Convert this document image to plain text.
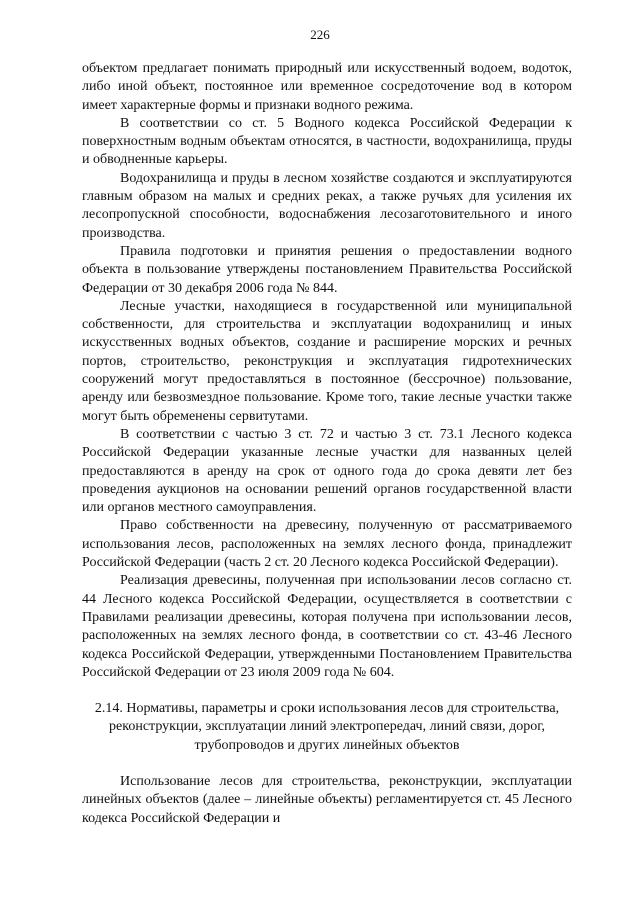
226

объектом предлагает понимать природный или искусственный водоем, водоток, либо иной объект, постоянное или временное сосредоточение вод в котором имеет характерные формы и признаки водного режима.

В соответствии со ст. 5 Водного кодекса Российской Федерации к поверхностным водным объектам относятся, в частности, водохранилища, пруды и обводненные карьеры.

Водохранилища и пруды в лесном хозяйстве создаются и эксплуатируются главным образом на малых и средних реках, а также ручьях для усиления их лесопропускной способности, водоснабжения лесозаготовительного и иного производства.

Правила подготовки и принятия решения о предоставлении водного объекта в пользование утверждены постановлением Правительства Российской Федерации от 30 декабря 2006 года № 844.

Лесные участки, находящиеся в государственной или муниципальной собственности, для строительства и эксплуатации водохранилищ и иных искусственных водных объектов, создание и расширение морских и речных портов, строительство, реконструкция и эксплуатация гидротехнических сооружений могут предоставляться в постоянное (бессрочное) пользование, аренду или безвозмездное пользование. Кроме того, такие лесные участки также могут быть обременены сервитутами.

В соответствии с частью 3 ст. 72 и частью 3 ст. 73.1 Лесного кодекса Российской Федерации указанные лесные участки для названных целей предоставляются в аренду на срок от одного года до срока девяти лет без проведения аукционов на основании решений органов государственной власти или органов местного самоуправления.

Право собственности на древесину, полученную от рассматриваемого использования лесов, расположенных на землях лесного фонда, принадлежит Российской Федерации (часть 2 ст. 20 Лесного кодекса Российской Федерации).

Реализация древесины, полученная при использовании лесов согласно ст. 44 Лесного кодекса Российской Федерации, осуществляется в соответствии с Правилами реализации древесины, которая получена при использовании лесов, расположенных на землях лесного фонда, в соответствии со ст. 43-46 Лесного кодекса Российской Федерации, утвержденными Постановлением Правительства Российской Федерации от 23 июля 2009 года № 604.

2.14. Нормативы, параметры и сроки использования лесов для строительства, реконструкции, эксплуатации линий электропередач, линий связи, дорог, трубопроводов и других линейных объектов

Использование лесов для строительства, реконструкции, эксплуатации линейных объектов (далее – линейные объекты) регламентируется ст. 45 Лесного кодекса Российской Федерации и
